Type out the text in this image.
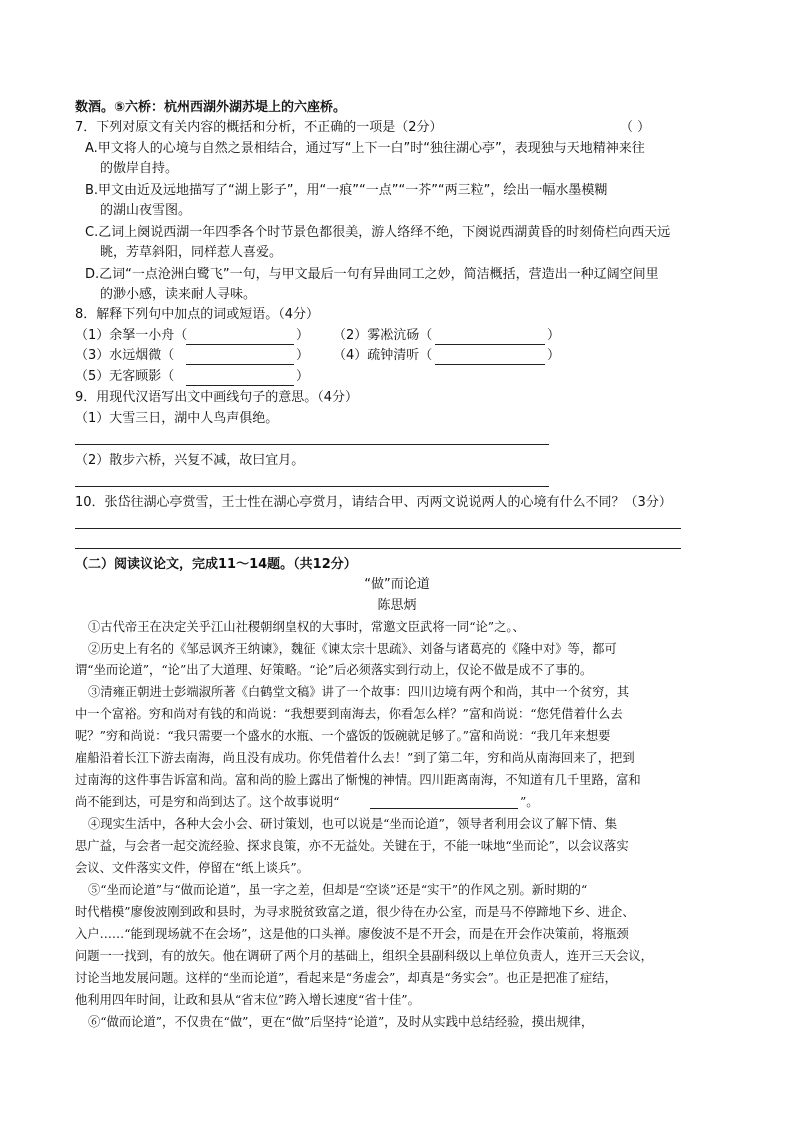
数酒。⑤六桥：杭州西湖外湖苏堤上的六座桥。
7．下列对原文有关内容的概括和分析，不正确的一项是（2分）	（ ）
A.甲文将人的心境与自然之景相结合，通过写“上下一白”时“独往湖心亭”，表现独与天地精神来往
的傲岸自持。
B.甲文由近及远地描写了“湖上影子”，用“一痕”“一点”“一芥”“两三粒”，绘出一幅水墨模糊
的湖山夜雪图。
C.乙词上阕说西湖一年四季各个时节景色都很美，游人络绎不绝，下阕说西湖黄昏的时刻倚栏向西天远
眺，芳草斜阳，同样惹人喜爱。
D.乙词“一点沧洲白鹭飞”一句，与甲文最后一句有异曲同工之妙，简洁概括，营造出一种辽阔空间里
的渺小感，读来耐人寻味。
8．解释下列句中加点的词或短语。（4分）
（1）余拏一小舟（	） （2）雾凇沆砀（	）
（3）水远烟微（	） （4）疏钟清听（	）
（5）无客顾影（	）
9．用现代汉语写出文中画线句子的意思。（4分）
（1）大雪三日，湖中人鸟声俱绝。
（2）散步六桥，兴复不减，故曰宜月。
10．张岱往湖心亭赏雪，王士性在湖心亭赏月，请结合甲、丙两文说说两人的心境有什么不同？（3分）
（二）阅读议论文，完成11～14题。（共12分）
“做”而论道
陈思炳
①古代帝王在决定关乎江山社稷朝纲皇权的大事时，常邀文臣武将一同“论”之。、
②历史上有名的《邹忌讽齐王纳谏》，魏征《谏太宗十思疏》、刘备与诸葛亮的《隆中对》等，都可
谓“坐而论道”，“论”出了大道理、好策略。“论”后必须落实到行动上，仅论不做是成不了事的。
③清雍正朝进士彭端淑所著《白鹤堂文稿》讲了一个故事：四川边境有两个和尚，其中一个贫穷，其
中一个富裕。穷和尚对有钱的和尚说：“我想要到南海去，你看怎么样？”富和尚说：“您凭借着什么去
呢？”穷和尚说：“我只需要一个盛水的水瓶、一个盛饭的饭碗就足够了。”富和尚说：“我几年来想要
雇船沿着长江下游去南海，尚且没有成功。你凭借着什么去！”到了第二年，穷和尚从南海回来了，把到
过南海的这件事告诉富和尚。富和尚的脸上露出了惭愧的神情。四川距离南海，不知道有几千里路，富和
尚不能到达，可是穷和尚到达了。这个故事说明“	”。
④现实生活中，各种大会小会、研讨策划，也可以说是“坐而论道”，领导者利用会议了解下情、集
思广益，与会者一起交流经验、探求良策，亦不无益处。关键在于，不能一味地“坐而论”，以会议落实
会议、文件落实文件，停留在“纸上谈兵”。
⑤“坐而论道”与“做而论道”，虽一字之差，但却是“空谈”还是“实干”的作风之别。新时期的“
时代楷模”廖俊波刚到政和县时，为寻求脱贫致富之道，很少待在办公室，而是马不停蹄地下乡、进企、
入户……“能到现场就不在会场”，这是他的口头禅。廖俊波不是不开会，而是在开会作决策前，将瓶颈
问题一一找到，有的放矢。他在调研了两个月的基础上，组织全县副科级以上单位负责人，连开三天会议，
讨论当地发展问题。这样的“坐而论道”，看起来是“务虚会”，却真是“务实会”。也正是把准了症结，
他利用四年时间，让政和县从“省末位”跨入增长速度“省十佳”。
⑥“做而论道”，不仅贵在“做”，更在“做”后坚持“论道”，及时从实践中总结经验，摸出规律，
